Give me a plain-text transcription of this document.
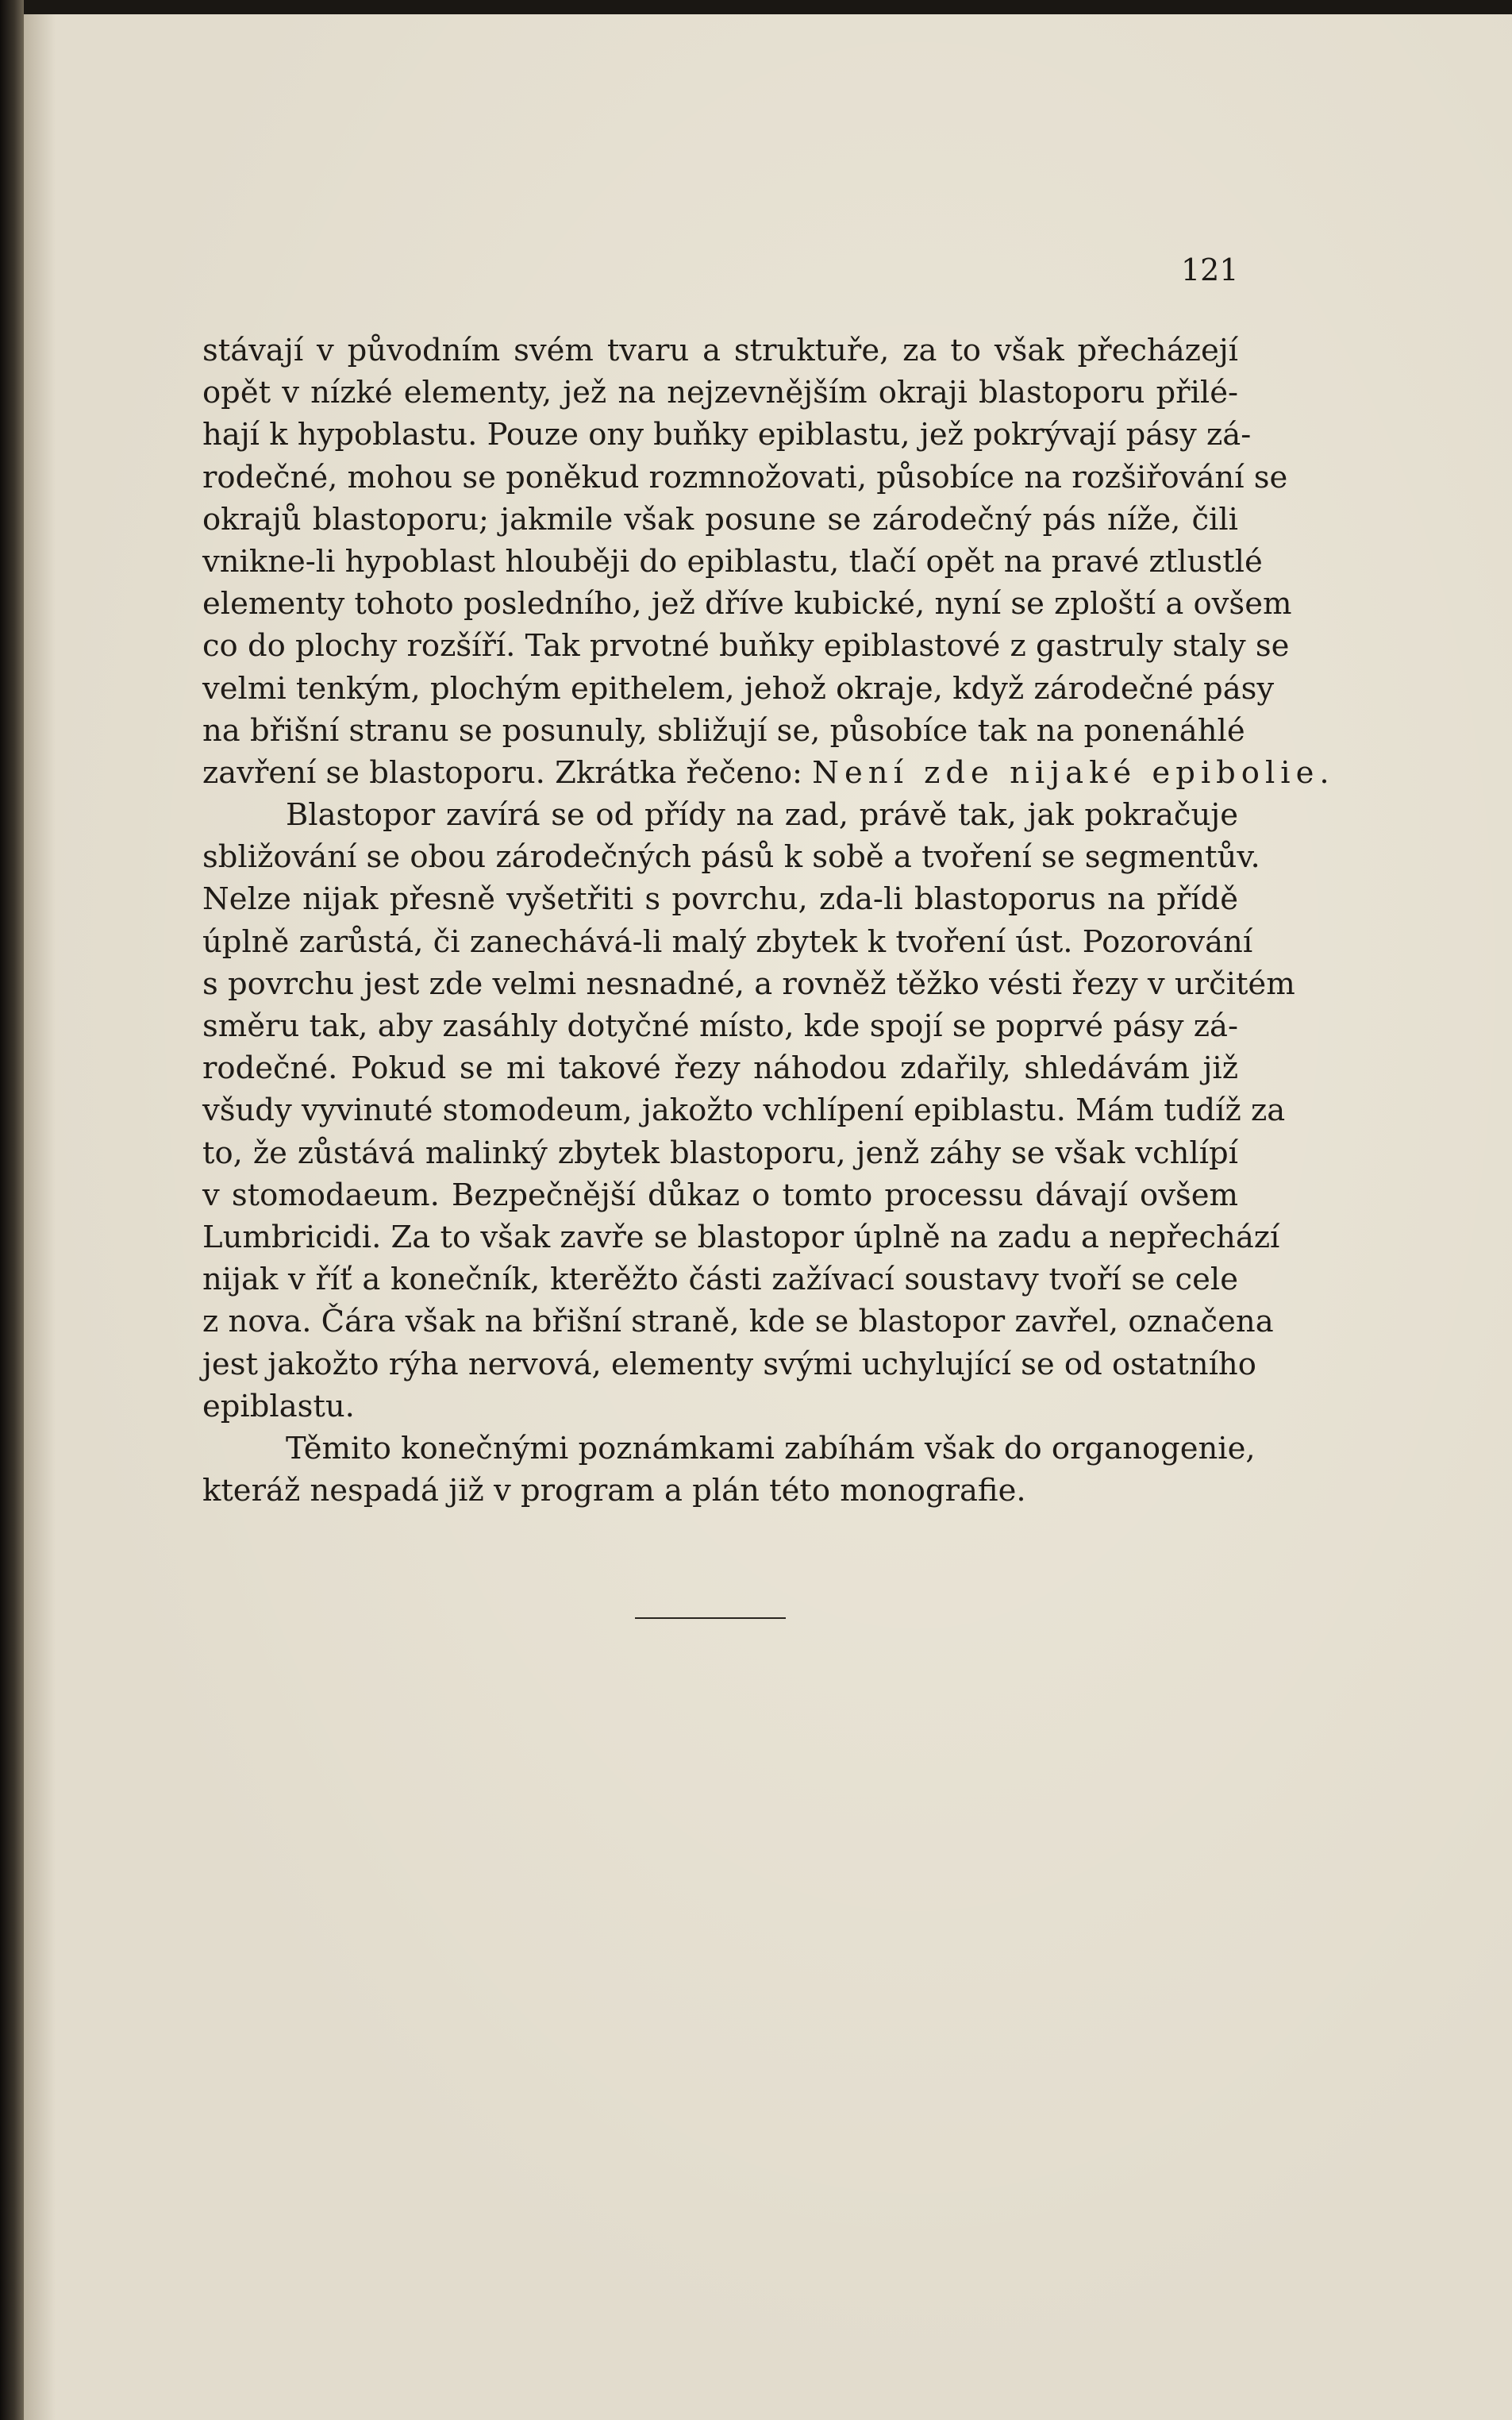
121
stávají v původním svém tvaru a struktuře, za to však přecházejí
opět v nízké elementy, jež na nejzevnějším okraji blastoporu přilé-
hají k hypoblastu. Pouze ony buňky epiblastu, jež pokrývají pásy zá-
rodečné, mohou se poněkud rozmnožovati, působíce na rozšiřování se
okrajů blastoporu; jakmile však posune se zárodečný pás níže, čili
vnikne-li hypoblast hlouběji do epiblastu, tlačí opět na pravé ztlustlé
elementy tohoto posledního, jež dříve kubické, nyní se zploští a ovšem
co do plochy rozšíří. Tak prvotné buňky epiblastové z gastruly staly se
velmi tenkým, plochým epithelem, jehož okraje, když zárodečné pásy
na břišní stranu se posunuly, sbližují se, působíce tak na ponenáhlé
zavření se blastoporu. Zkrátka řečeno: Není zde nijaké epibolie.
Blastopor zavírá se od přídy na zad, právě tak, jak pokračuje
sbližování se obou zárodečných pásů k sobě a tvoření se segmentův.
Nelze nijak přesně vyšetřiti s povrchu, zda-li blastoporus na přídě
úplně zarůstá, či zanechává-li malý zbytek k tvoření úst. Pozorování
s povrchu jest zde velmi nesnadné, a rovněž těžko vésti řezy v určitém
směru tak, aby zasáhly dotyčné místo, kde spojí se poprvé pásy zá-
rodečné. Pokud se mi takové řezy náhodou zdařily, shledávám již
všudy vyvinuté stomodeum, jakožto vchlípení epiblastu. Mám tudíž za
to, že zůstává malinký zbytek blastoporu, jenž záhy se však vchlípí
v stomodaeum. Bezpečnější důkaz o tomto processu dávají ovšem
Lumbricidi. Za to však zavře se blastopor úplně na zadu a nepřechází
nijak v říť a konečník, kterěžto části zažívací soustavy tvoří se cele
z nova. Čára však na břišní straně, kde se blastopor zavřel, označena
jest jakožto rýha nervová, elementy svými uchylující se od ostatního
epiblastu.
Těmito konečnými poznámkami zabíhám však do organogenie,
kteráž nespadá již v program a plán této monografie.
